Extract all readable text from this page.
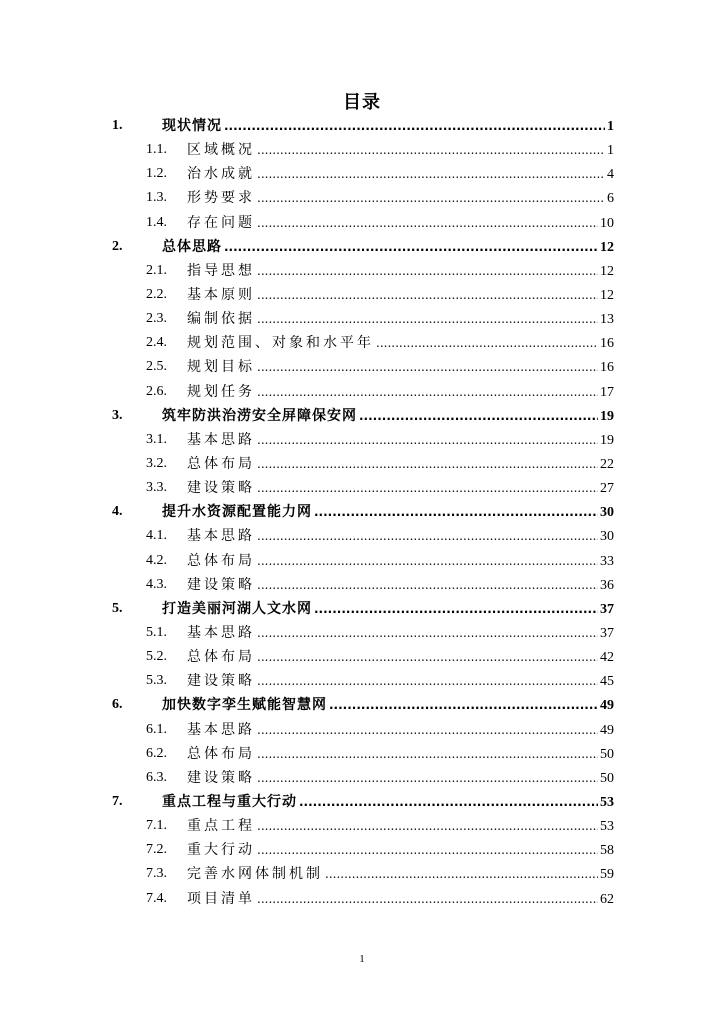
目录
1.	现状情况 .....	1
1.1. 区域概况 .....	1
1.2. 治水成就 .....	4
1.3. 形势要求 .....	6
1.4. 存在问题 .....	10
2.	总体思路 .....	12
2.1. 指导思想 .....	12
2.2. 基本原则 .....	12
2.3. 编制依据 .....	13
2.4. 规划范围、对象和水平年 .....	16
2.5. 规划目标 .....	16
2.6. 规划任务 .....	17
3.	筑牢防洪治涝安全屏障保安网 .....	19
3.1. 基本思路 .....	19
3.2. 总体布局 .....	22
3.3. 建设策略 .....	27
4.	提升水资源配置能力网 .....	30
4.1. 基本思路 .....	30
4.2. 总体布局 .....	33
4.3. 建设策略 .....	36
5.	打造美丽河湖人文水网 .....	37
5.1. 基本思路 .....	37
5.2. 总体布局 .....	42
5.3. 建设策略 .....	45
6.	加快数字孪生赋能智慧网 .....	49
6.1. 基本思路 .....	49
6.2. 总体布局 .....	50
6.3. 建设策略 .....	50
7.	重点工程与重大行动 .....	53
7.1. 重点工程 .....	53
7.2. 重大行动 .....	58
7.3. 完善水网体制机制 .....	59
7.4. 项目清单 .....	62
1
